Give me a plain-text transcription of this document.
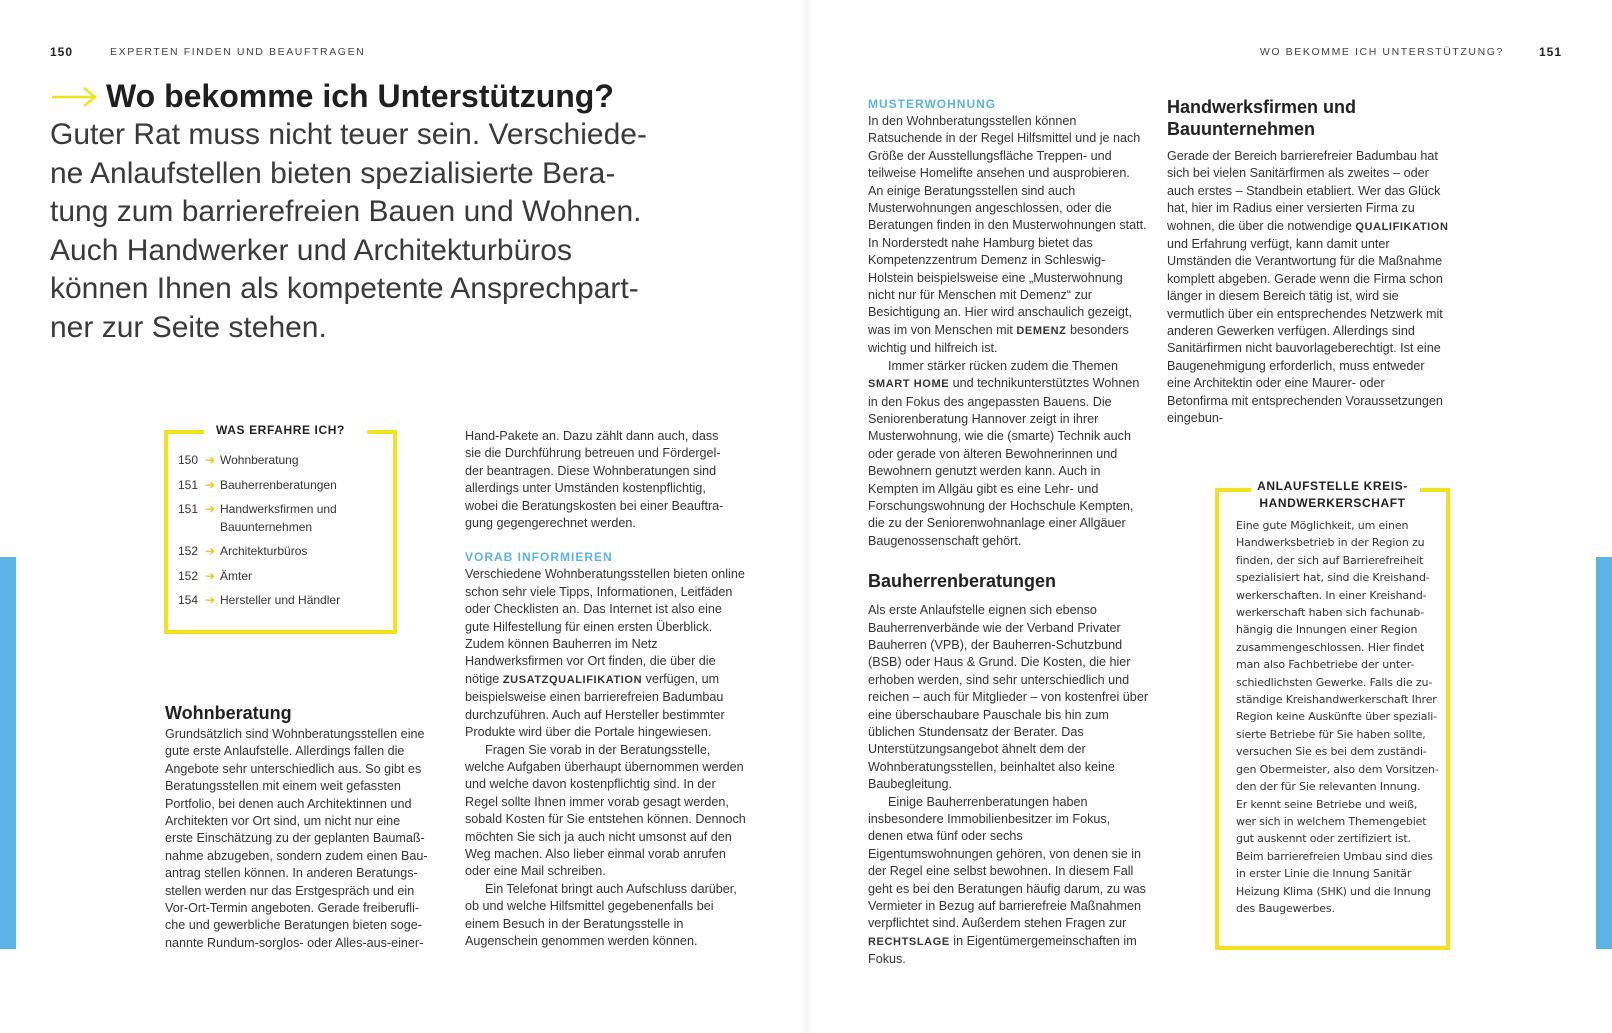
150	EXPERTEN FINDEN UND BEAUFTRAGEN	WO BEKOMME ICH UNTERSTÜTZUNG?	151
Wo bekomme ich Unterstützung?
Guter Rat muss nicht teuer sein. Verschiede-
ne Anlaufstellen bieten spezialisierte Bera-
tung zum barrierefreien Bauen und Wohnen.
Auch Handwerker und Architekturbüros
können Ihnen als kompetente Ansprechpart-
ner zur Seite stehen.
WAS ERFAHRE ICH?
150 ➔ Wohnberatung
151 ➔ Bauherrenberatungen
151 ➔ Handwerksfirmen und Bauunternehmen
152 ➔ Architekturbüros
152 ➔ Ämter
154 ➔ Hersteller und Händler
Wohnberatung
Grundsätzlich sind Wohnberatungsstellen eine
gute erste Anlaufstelle. Allerdings fallen die
Angebote sehr unterschiedlich aus. So gibt es
Beratungsstellen mit einem weit gefassten
Portfolio, bei denen auch Architektinnen und
Architekten vor Ort sind, um nicht nur eine
erste Einschätzung zu der geplanten Baumaß-
nahme abzugeben, sondern zudem einen Bau-
antrag stellen können. In anderen Beratungs-
stellen werden nur das Erstgespräch und ein
Vor-Ort-Termin angeboten. Gerade freiberufli-
che und gewerbliche Beratungen bieten soge-
nannte Rundum-sorglos- oder Alles-aus-einer-
Hand-Pakete an. Dazu zählt dann auch, dass
sie die Durchführung betreuen und Fördergel-
der beantragen. Diese Wohnberatungen sind
allerdings unter Umständen kostenpflichtig,
wobei die Beratungskosten bei einer Beauftra-
gung gegengerechnet werden.
VORAB INFORMIEREN

Verschiedene Wohnberatungsstellen bieten online schon sehr viele Tipps, Informationen, Leitfäden oder Checklisten an. Das Internet ist also eine gute Hilfestellung für einen ersten Überblick. Zudem können Bauherren im Netz Handwerksfirmen vor Ort finden, die über die nötige ZUSATZQUALIFIKATION verfügen, um beispielsweise einen barrierefreien Badumbau durchzuführen. Auch auf Hersteller bestimmter Produkte wird über die Portale hingewiesen.

Fragen Sie vorab in der Beratungsstelle, welche Aufgaben überhaupt übernommen werden und welche davon kostenpflichtig sind. In der Regel sollte Ihnen immer vorab gesagt werden, sobald Kosten für Sie entstehen können. Dennoch möchten Sie sich ja auch nicht umsonst auf den Weg machen. Also lieber einmal vorab anrufen oder eine Mail schreiben.

Ein Telefonat bringt auch Aufschluss darüber, ob und welche Hilfsmittel gegebenenfalls bei einem Besuch in der Beratungsstelle in Augenschein genommen werden können.

MUSTERWOHNUNG

In den Wohnberatungsstellen können Ratsuchende in der Regel Hilfsmittel und je nach Größe der Ausstellungsfläche Treppen- und teilweise Homelifte ansehen und ausprobieren. An einige Beratungsstellen sind auch Musterwohnungen angeschlossen, oder die Beratungen finden in den Musterwohnungen statt. In Norderstedt nahe Hamburg bietet das Kompetenzzentrum Demenz in Schleswig-Holstein beispielsweise eine „Musterwohnung nicht nur für Menschen mit Demenz“ zur Besichtigung an. Hier wird anschaulich gezeigt, was im von Menschen mit DEMENZ besonders wichtig und hilfreich ist.

Immer stärker rücken zudem die Themen SMART HOME und technikunterstütztes Wohnen in den Fokus des angepassten Bauens. Die Seniorenberatung Hannover zeigt in ihrer Musterwohnung, wie die (smarte) Technik auch oder gerade von älteren Bewohnerinnen und Bewohnern genutzt werden kann. Auch in Kempten im Allgäu gibt es eine Lehr- und Forschungswohnung der Hochschule Kempten, die zu der Seniorenwohnanlage einer Allgäuer Baugenossenschaft gehört.

Bauherrenberatungen

Als erste Anlaufstelle eignen sich ebenso Bauherrenverbände wie der Verband Privater Bauherren (VPB), der Bauherren-Schutzbund (BSB) oder Haus & Grund. Die Kosten, die hier erhoben werden, sind sehr unterschiedlich und reichen – auch für Mitglieder – von kostenfrei über eine überschaubare Pauschale bis hin zum üblichen Stundensatz der Berater. Das Unterstützungsangebot ähnelt dem der Wohnberatungsstellen, beinhaltet also keine Baubegleitung.

Einige Bauherrenberatungen haben insbesondere Immobilienbesitzer im Fokus, denen etwa fünf oder sechs Eigentumswohnungen gehören, von denen sie in der Regel eine selbst bewohnen. In diesem Fall geht es bei den Beratungen häufig darum, zu was Vermieter in Bezug auf barrierefreie Maßnahmen verpflichtet sind. Außerdem stehen Fragen zur RECHTSLAGE in Eigentümergemeinschaften im Fokus.

Handwerksfirmen und Bauunternehmen

Gerade der Bereich barrierefreier Badumbau hat sich bei vielen Sanitärfirmen als zweites – oder auch erstes – Standbein etabliert. Wer das Glück hat, hier im Radius einer versierten Firma zu wohnen, die über die notwendige QUALIFIKATION und Erfahrung verfügt, kann damit unter Umständen die Verantwortung für die Maßnahme komplett abgeben. Gerade wenn die Firma schon länger in diesem Bereich tätig ist, wird sie vermutlich über ein entsprechendes Netzwerk mit anderen Gewerken verfügen. Allerdings sind Sanitärfirmen nicht bauvorlageberechtigt. Ist eine Baugenehmigung erforderlich, muss entweder eine Architektin oder eine Maurer- oder Betonfirma mit entsprechenden Voraussetzungen eingebun-

ANLAUFSTELLE KREIS-
HANDWERKERSCHAFT
Eine gute Möglichkeit, um einen
Handwerksbetrieb in der Region zu
finden, der sich auf Barrierefreiheit
spezialisiert hat, sind die Kreishand-
werkerschaften. In einer Kreishand-
werkerschaft haben sich fachunab-
hängig die Innungen einer Region
zusammengeschlossen. Hier findet
man also Fachbetriebe der unter-
schiedlichsten Gewerke. Falls die zu-
ständige Kreishandwerkerschaft Ihrer
Region keine Auskünfte über speziali-
sierte Betriebe für Sie haben sollte,
versuchen Sie es bei dem zuständi-
gen Obermeister, also dem Vorsitzen-
den der für Sie relevanten Innung.
Er kennt seine Betriebe und weiß,
wer sich in welchem Themengebiet
gut auskennt oder zertifiziert ist.
Beim barrierefreien Umbau sind dies
in erster Linie die Innung Sanitär
Heizung Klima (SHK) und die Innung
des Baugewerbes.
